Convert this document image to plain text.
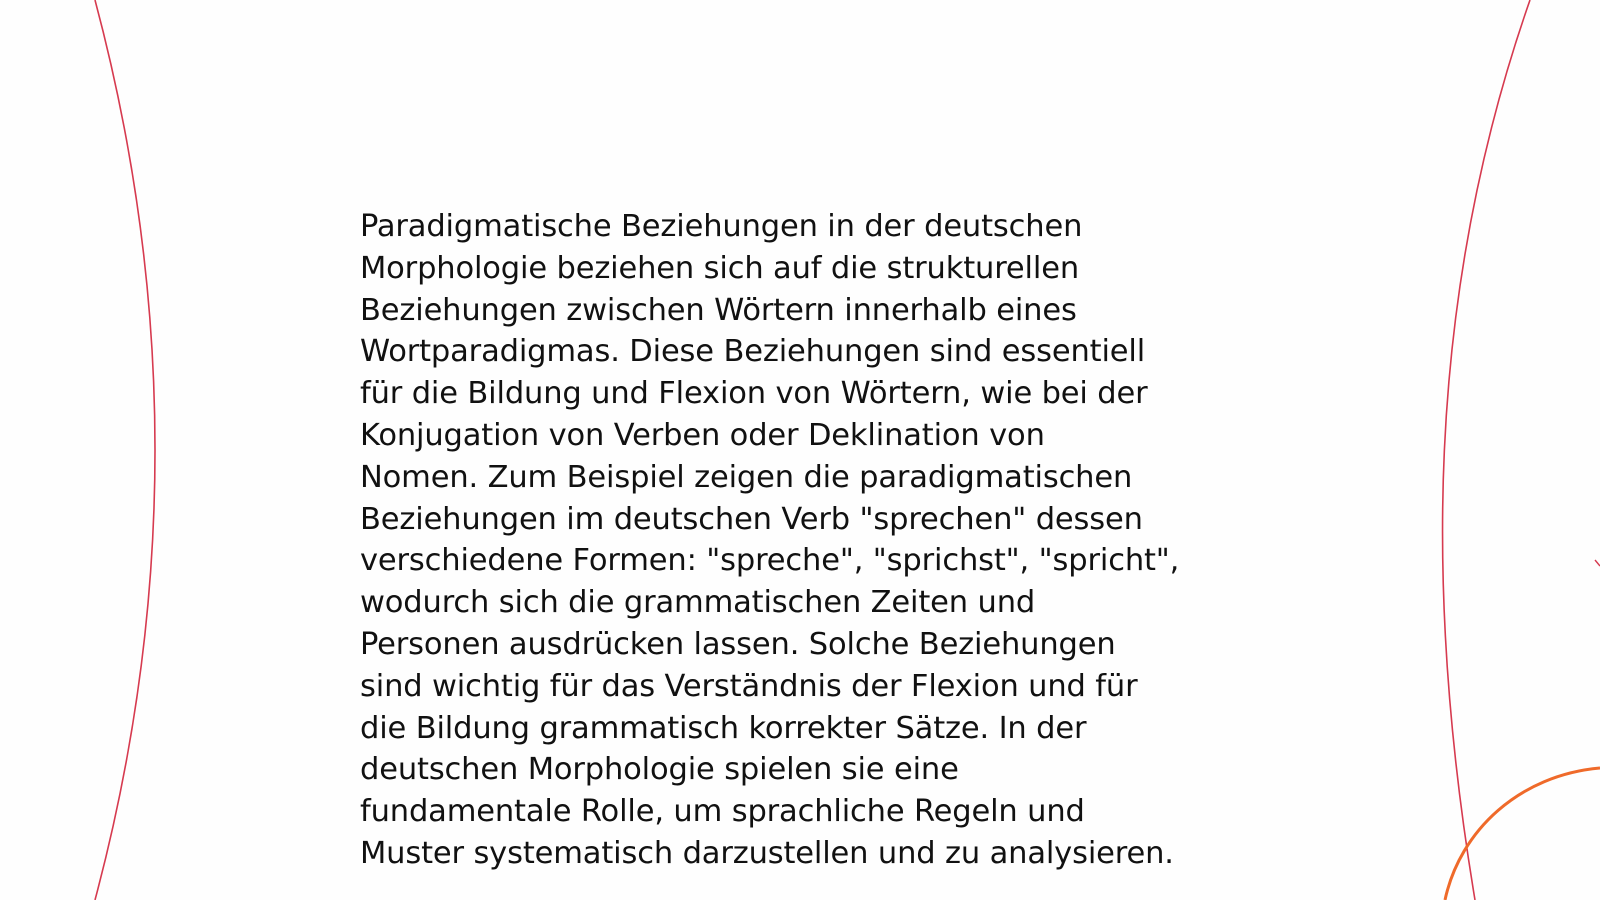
Paradigmatische Beziehungen in der deutschen
Morphologie beziehen sich auf die strukturellen
Beziehungen zwischen Wörtern innerhalb eines
Wortparadigmas. Diese Beziehungen sind essentiell
für die Bildung und Flexion von Wörtern, wie bei der
Konjugation von Verben oder Deklination von
Nomen. Zum Beispiel zeigen die paradigmatischen
Beziehungen im deutschen Verb "sprechen" dessen
verschiedene Formen: "spreche", "sprichst", "spricht",
wodurch sich die grammatischen Zeiten und
Personen ausdrücken lassen. Solche Beziehungen
sind wichtig für das Verständnis der Flexion und für
die Bildung grammatisch korrekter Sätze. In der
deutschen Morphologie spielen sie eine
fundamentale Rolle, um sprachliche Regeln und
Muster systematisch darzustellen und zu analysieren.
